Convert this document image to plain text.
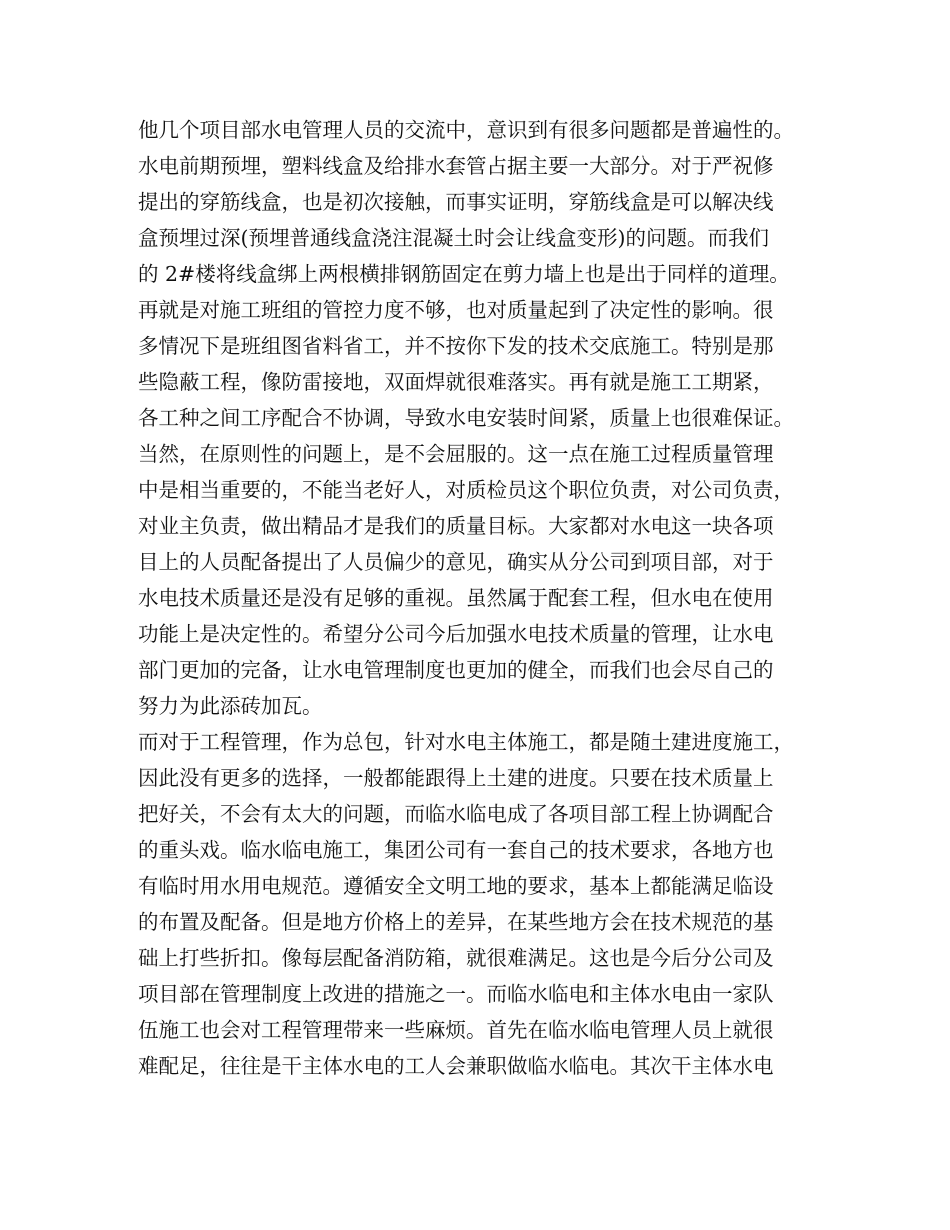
他几个项目部水电管理人员的交流中，意识到有很多问题都是普遍性的。
水电前期预埋，塑料线盒及给排水套管占据主要一大部分。对于严祝修
提出的穿筋线盒，也是初次接触，而事实证明，穿筋线盒是可以解决线
盒预埋过深(预埋普通线盒浇注混凝土时会让线盒变形)的问题。而我们
的 2#楼将线盒绑上两根横排钢筋固定在剪力墙上也是出于同样的道理。
再就是对施工班组的管控力度不够，也对质量起到了决定性的影响。很
多情况下是班组图省料省工，并不按你下发的技术交底施工。特别是那
些隐蔽工程，像防雷接地，双面焊就很难落实。再有就是施工工期紧，
各工种之间工序配合不协调，导致水电安装时间紧，质量上也很难保证。
当然，在原则性的问题上，是不会屈服的。这一点在施工过程质量管理
中是相当重要的，不能当老好人，对质检员这个职位负责，对公司负责，
对业主负责，做出精品才是我们的质量目标。大家都对水电这一块各项
目上的人员配备提出了人员偏少的意见，确实从分公司到项目部，对于
水电技术质量还是没有足够的重视。虽然属于配套工程，但水电在使用
功能上是决定性的。希望分公司今后加强水电技术质量的管理，让水电
部门更加的完备，让水电管理制度也更加的健全，而我们也会尽自己的
努力为此添砖加瓦。
而对于工程管理，作为总包，针对水电主体施工，都是随土建进度施工，
因此没有更多的选择，一般都能跟得上土建的进度。只要在技术质量上
把好关，不会有太大的问题，而临水临电成了各项目部工程上协调配合
的重头戏。临水临电施工，集团公司有一套自己的技术要求，各地方也
有临时用水用电规范。遵循安全文明工地的要求，基本上都能满足临设
的布置及配备。但是地方价格上的差异，在某些地方会在技术规范的基
础上打些折扣。像每层配备消防箱，就很难满足。这也是今后分公司及
项目部在管理制度上改进的措施之一。而临水临电和主体水电由一家队
伍施工也会对工程管理带来一些麻烦。首先在临水临电管理人员上就很
难配足，往往是干主体水电的工人会兼职做临水临电。其次干主体水电
